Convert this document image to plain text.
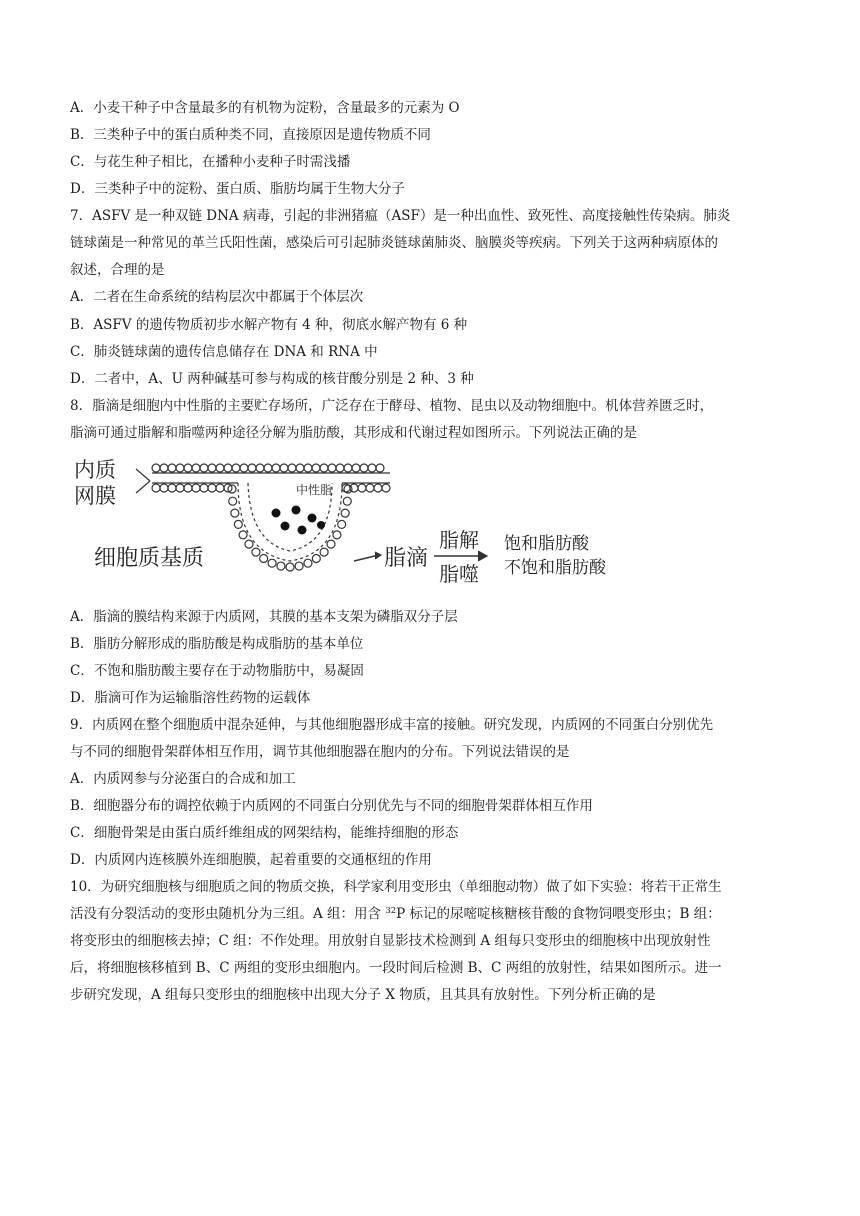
A．小麦干种子中含量最多的有机物为淀粉，含量最多的元素为 O
B．三类种子中的蛋白质种类不同，直接原因是遗传物质不同
C．与花生种子相比，在播种小麦种子时需浅播
D．三类种子中的淀粉、蛋白质、脂肪均属于生物大分子
7．ASFV 是一种双链 DNA 病毒，引起的非洲猪瘟（ASF）是一种出血性、致死性、高度接触性传染病。肺炎
链球菌是一种常见的革兰氏阳性菌，感染后可引起肺炎链球菌肺炎、脑膜炎等疾病。下列关于这两种病原体的
叙述，合理的是
A．二者在生命系统的结构层次中都属于个体层次
B．ASFV 的遗传物质初步水解产物有 4 种，彻底水解产物有 6 种
C．肺炎链球菌的遗传信息储存在 DNA 和 RNA 中
D．二者中，A、U 两种碱基可参与构成的核苷酸分别是 2 种、3 种
8．脂滴是细胞内中性脂的主要贮存场所，广泛存在于酵母、植物、昆虫以及动物细胞中。机体营养匮乏时，
脂滴可通过脂解和脂噬两种途径分解为脂肪酸，其形成和代谢过程如图所示。下列说法正确的是
内质
网膜	中性脂
细胞质基质	脂滴
脂解
脂噬
饱和脂肪酸
不饱和脂肪酸
A．脂滴的膜结构来源于内质网，其膜的基本支架为磷脂双分子层
B．脂肪分解形成的脂肪酸是构成脂肪的基本单位
C．不饱和脂肪酸主要存在于动物脂肪中，易凝固
D．脂滴可作为运输脂溶性药物的运载体
9．内质网在整个细胞质中混杂延伸，与其他细胞器形成丰富的接触。研究发现，内质网的不同蛋白分别优先
与不同的细胞骨架群体相互作用，调节其他细胞器在胞内的分布。下列说法错误的是
A．内质网参与分泌蛋白的合成和加工
B．细胞器分布的调控依赖于内质网的不同蛋白分别优先与不同的细胞骨架群体相互作用
C．细胞骨架是由蛋白质纤维组成的网架结构，能维持细胞的形态
D．内质网内连核膜外连细胞膜，起着重要的交通枢纽的作用
10．为研究细胞核与细胞质之间的物质交换，科学家利用变形虫（单细胞动物）做了如下实验：将若干正常生
活没有分裂活动的变形虫随机分为三组。A 组：用含 $^{32}$P 标记的尿嘧啶核糖核苷酸的食物饲喂变形虫；B 组：
将变形虫的细胞核去掉；C 组：不作处理。用放射自显影技术检测到 A 组每只变形虫的细胞核中出现放射性
后，将细胞核移植到 B、C 两组的变形虫细胞内。一段时间后检测 B、C 两组的放射性，结果如图所示。进一
步研究发现，A 组每只变形虫的细胞核中出现大分子 X 物质，且其具有放射性。下列分析正确的是
